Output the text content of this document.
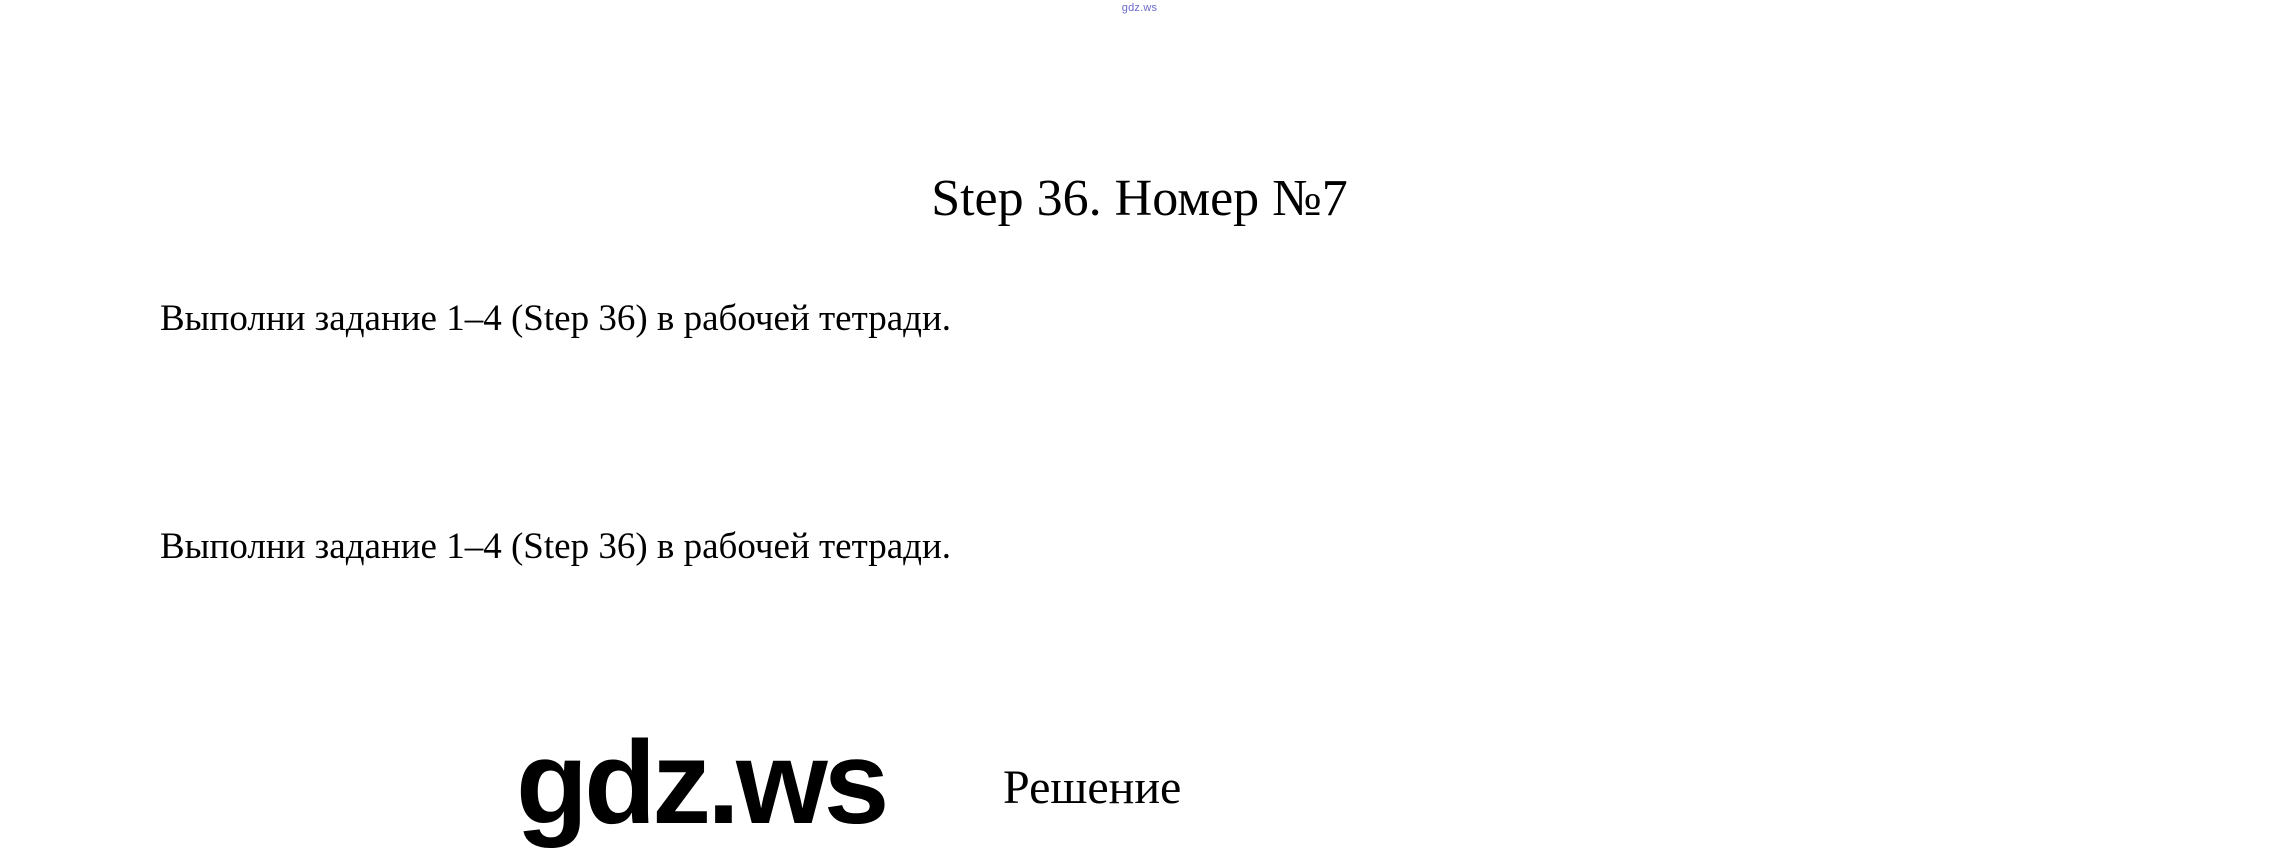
gdz.ws
Step 36. Номер №7
Выполни задание 1–4 (Step 36) в рабочей тетради.
gdz.ws Решение
Выполни задание 1–4 (Step 36) в рабочей тетради.
